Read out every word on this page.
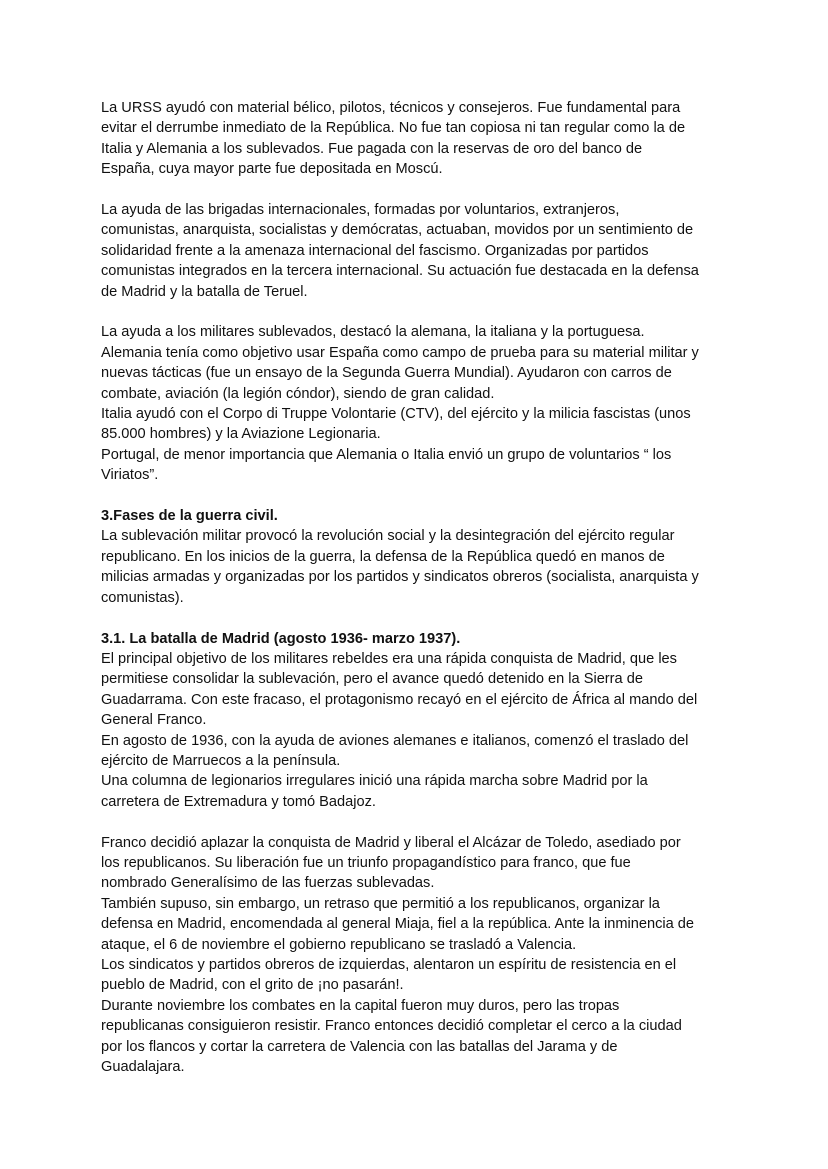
La URSS ayudó con material bélico, pilotos, técnicos y consejeros. Fue fundamental para
evitar el derrumbe inmediato de la República. No fue tan copiosa ni tan regular como la de
Italia y Alemania a los sublevados. Fue pagada con la reservas de oro del banco de
España, cuya mayor parte fue depositada en Moscú.
La ayuda de las brigadas internacionales, formadas por voluntarios, extranjeros,
comunistas, anarquista, socialistas y demócratas, actuaban, movidos por un sentimiento de
solidaridad frente a la amenaza internacional del fascismo. Organizadas por partidos
comunistas integrados en la tercera internacional. Su actuación fue destacada en la defensa
de Madrid y la batalla de Teruel.
La ayuda a los militares sublevados, destacó la alemana, la italiana y la portuguesa.
Alemania tenía como objetivo usar España como campo de prueba para su material militar y
nuevas tácticas (fue un ensayo de la Segunda Guerra Mundial). Ayudaron con carros de
combate, aviación (la legión cóndor), siendo de gran calidad.
Italia ayudó con el Corpo di Truppe Volontarie (CTV), del ejército y la milicia fascistas (unos
85.000 hombres) y la Aviazione Legionaria.
Portugal, de menor importancia que Alemania o Italia envió un grupo de voluntarios “ los
Viriatos”.
3.Fases de la guerra civil.
La sublevación militar provocó la revolución social y la desintegración del ejército regular
republicano. En los inicios de la guerra, la defensa de la República quedó en manos de
milicias armadas y organizadas por los partidos y sindicatos obreros (socialista, anarquista y
comunistas).
3.1. La batalla de Madrid (agosto 1936- marzo 1937).
El principal objetivo de los militares rebeldes era una rápida conquista de Madrid, que les
permitiese consolidar la sublevación, pero el avance quedó detenido en la Sierra de
Guadarrama. Con este fracaso, el protagonismo recayó en el ejército de África al mando del
General Franco.
En agosto de 1936, con la ayuda de aviones alemanes e italianos, comenzó el traslado del
ejército de Marruecos a la península.
Una columna de legionarios irregulares inició una rápida marcha sobre Madrid por la
carretera de Extremadura y tomó Badajoz.
Franco decidió aplazar la conquista de Madrid y liberal el Alcázar de Toledo, asediado por
los republicanos. Su liberación fue un triunfo propagandístico para franco, que fue
nombrado Generalísimo de las fuerzas sublevadas.
También supuso, sin embargo, un retraso que permitió a los republicanos, organizar la
defensa en Madrid, encomendada al general Miaja, fiel a la república. Ante la inminencia de
ataque, el 6 de noviembre el gobierno republicano se trasladó a Valencia.
Los sindicatos y partidos obreros de izquierdas, alentaron un espíritu de resistencia en el
pueblo de Madrid, con el grito de ¡no pasarán!.
Durante noviembre los combates en la capital fueron muy duros, pero las tropas
republicanas consiguieron resistir. Franco entonces decidió completar el cerco a la ciudad
por los flancos y cortar la carretera de Valencia con las batallas del Jarama y de
Guadalajara.
